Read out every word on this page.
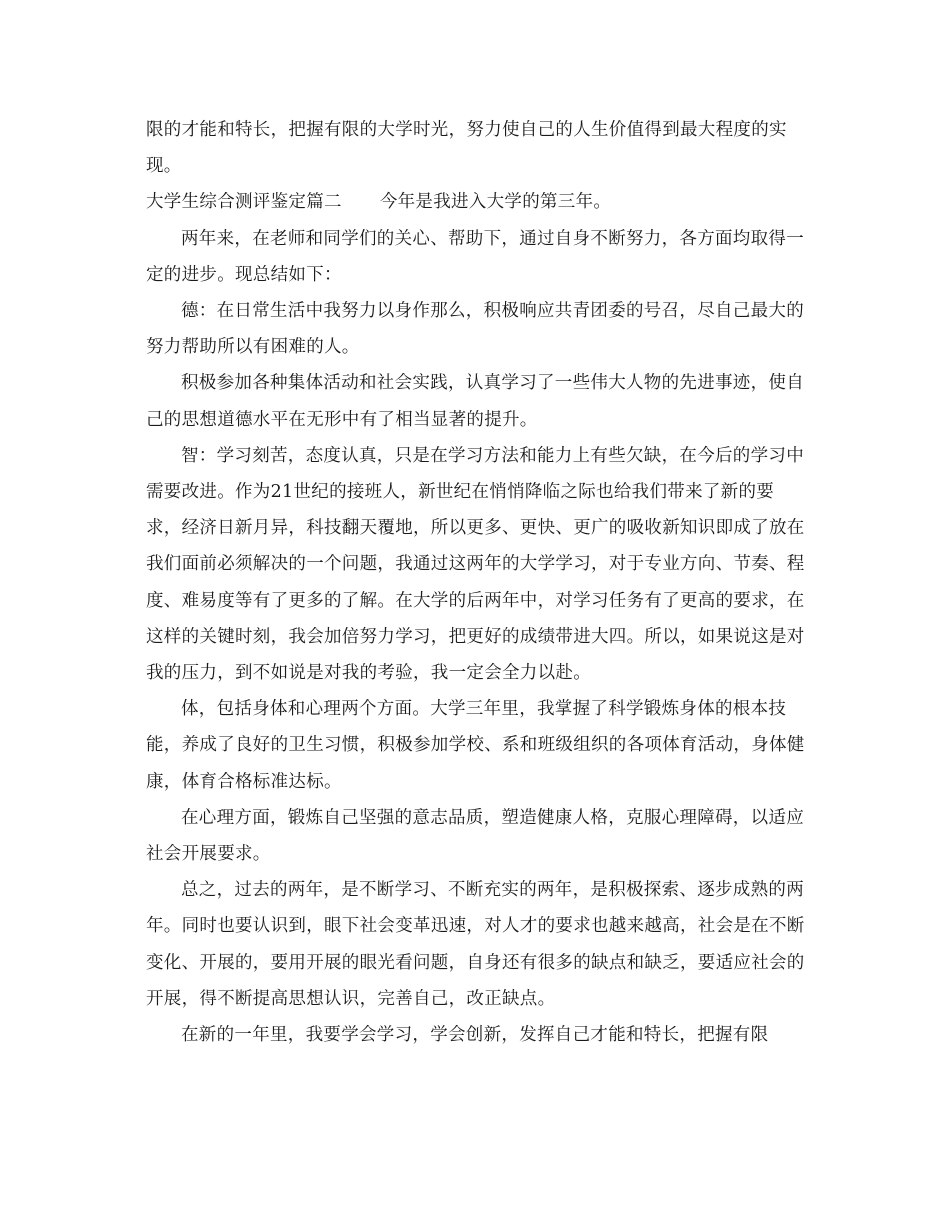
限的才能和特长，把握有限的大学时光，努力使自己的人生价值得到最大程度的实现。

大学生综合测评鉴定篇二 今年是我进入大学的第三年。

两年来，在老师和同学们的关心、帮助下，通过自身不断努力，各方面均取得一定的进步。现总结如下：

德：在日常生活中我努力以身作那么，积极响应共青团委的号召，尽自己最大的努力帮助所以有困难的人。

积极参加各种集体活动和社会实践，认真学习了一些伟大人物的先进事迹，使自己的思想道德水平在无形中有了相当显著的提升。

智：学习刻苦，态度认真，只是在学习方法和能力上有些欠缺，在今后的学习中需要改进。作为21世纪的接班人，新世纪在悄悄降临之际也给我们带来了新的要求，经济日新月异，科技翻天覆地，所以更多、更快、更广的吸收新知识即成了放在我们面前必须解决的一个问题，我通过这两年的大学学习，对于专业方向、节奏、程度、难易度等有了更多的了解。在大学的后两年中，对学习任务有了更高的要求，在这样的关键时刻，我会加倍努力学习，把更好的成绩带进大四。所以，如果说这是对我的压力，到不如说是对我的考验，我一定会全力以赴。

体，包括身体和心理两个方面。大学三年里，我掌握了科学锻炼身体的根本技能，养成了良好的卫生习惯，积极参加学校、系和班级组织的各项体育活动，身体健康，体育合格标准达标。

在心理方面，锻炼自己坚强的意志品质，塑造健康人格，克服心理障碍，以适应社会开展要求。

总之，过去的两年，是不断学习、不断充实的两年，是积极探索、逐步成熟的两年。同时也要认识到，眼下社会变革迅速，对人才的要求也越来越高，社会是在不断变化、开展的，要用开展的眼光看问题，自身还有很多的缺点和缺乏，要适应社会的开展，得不断提高思想认识，完善自己，改正缺点。

在新的一年里，我要学会学习，学会创新，发挥自己才能和特长，把握有限
